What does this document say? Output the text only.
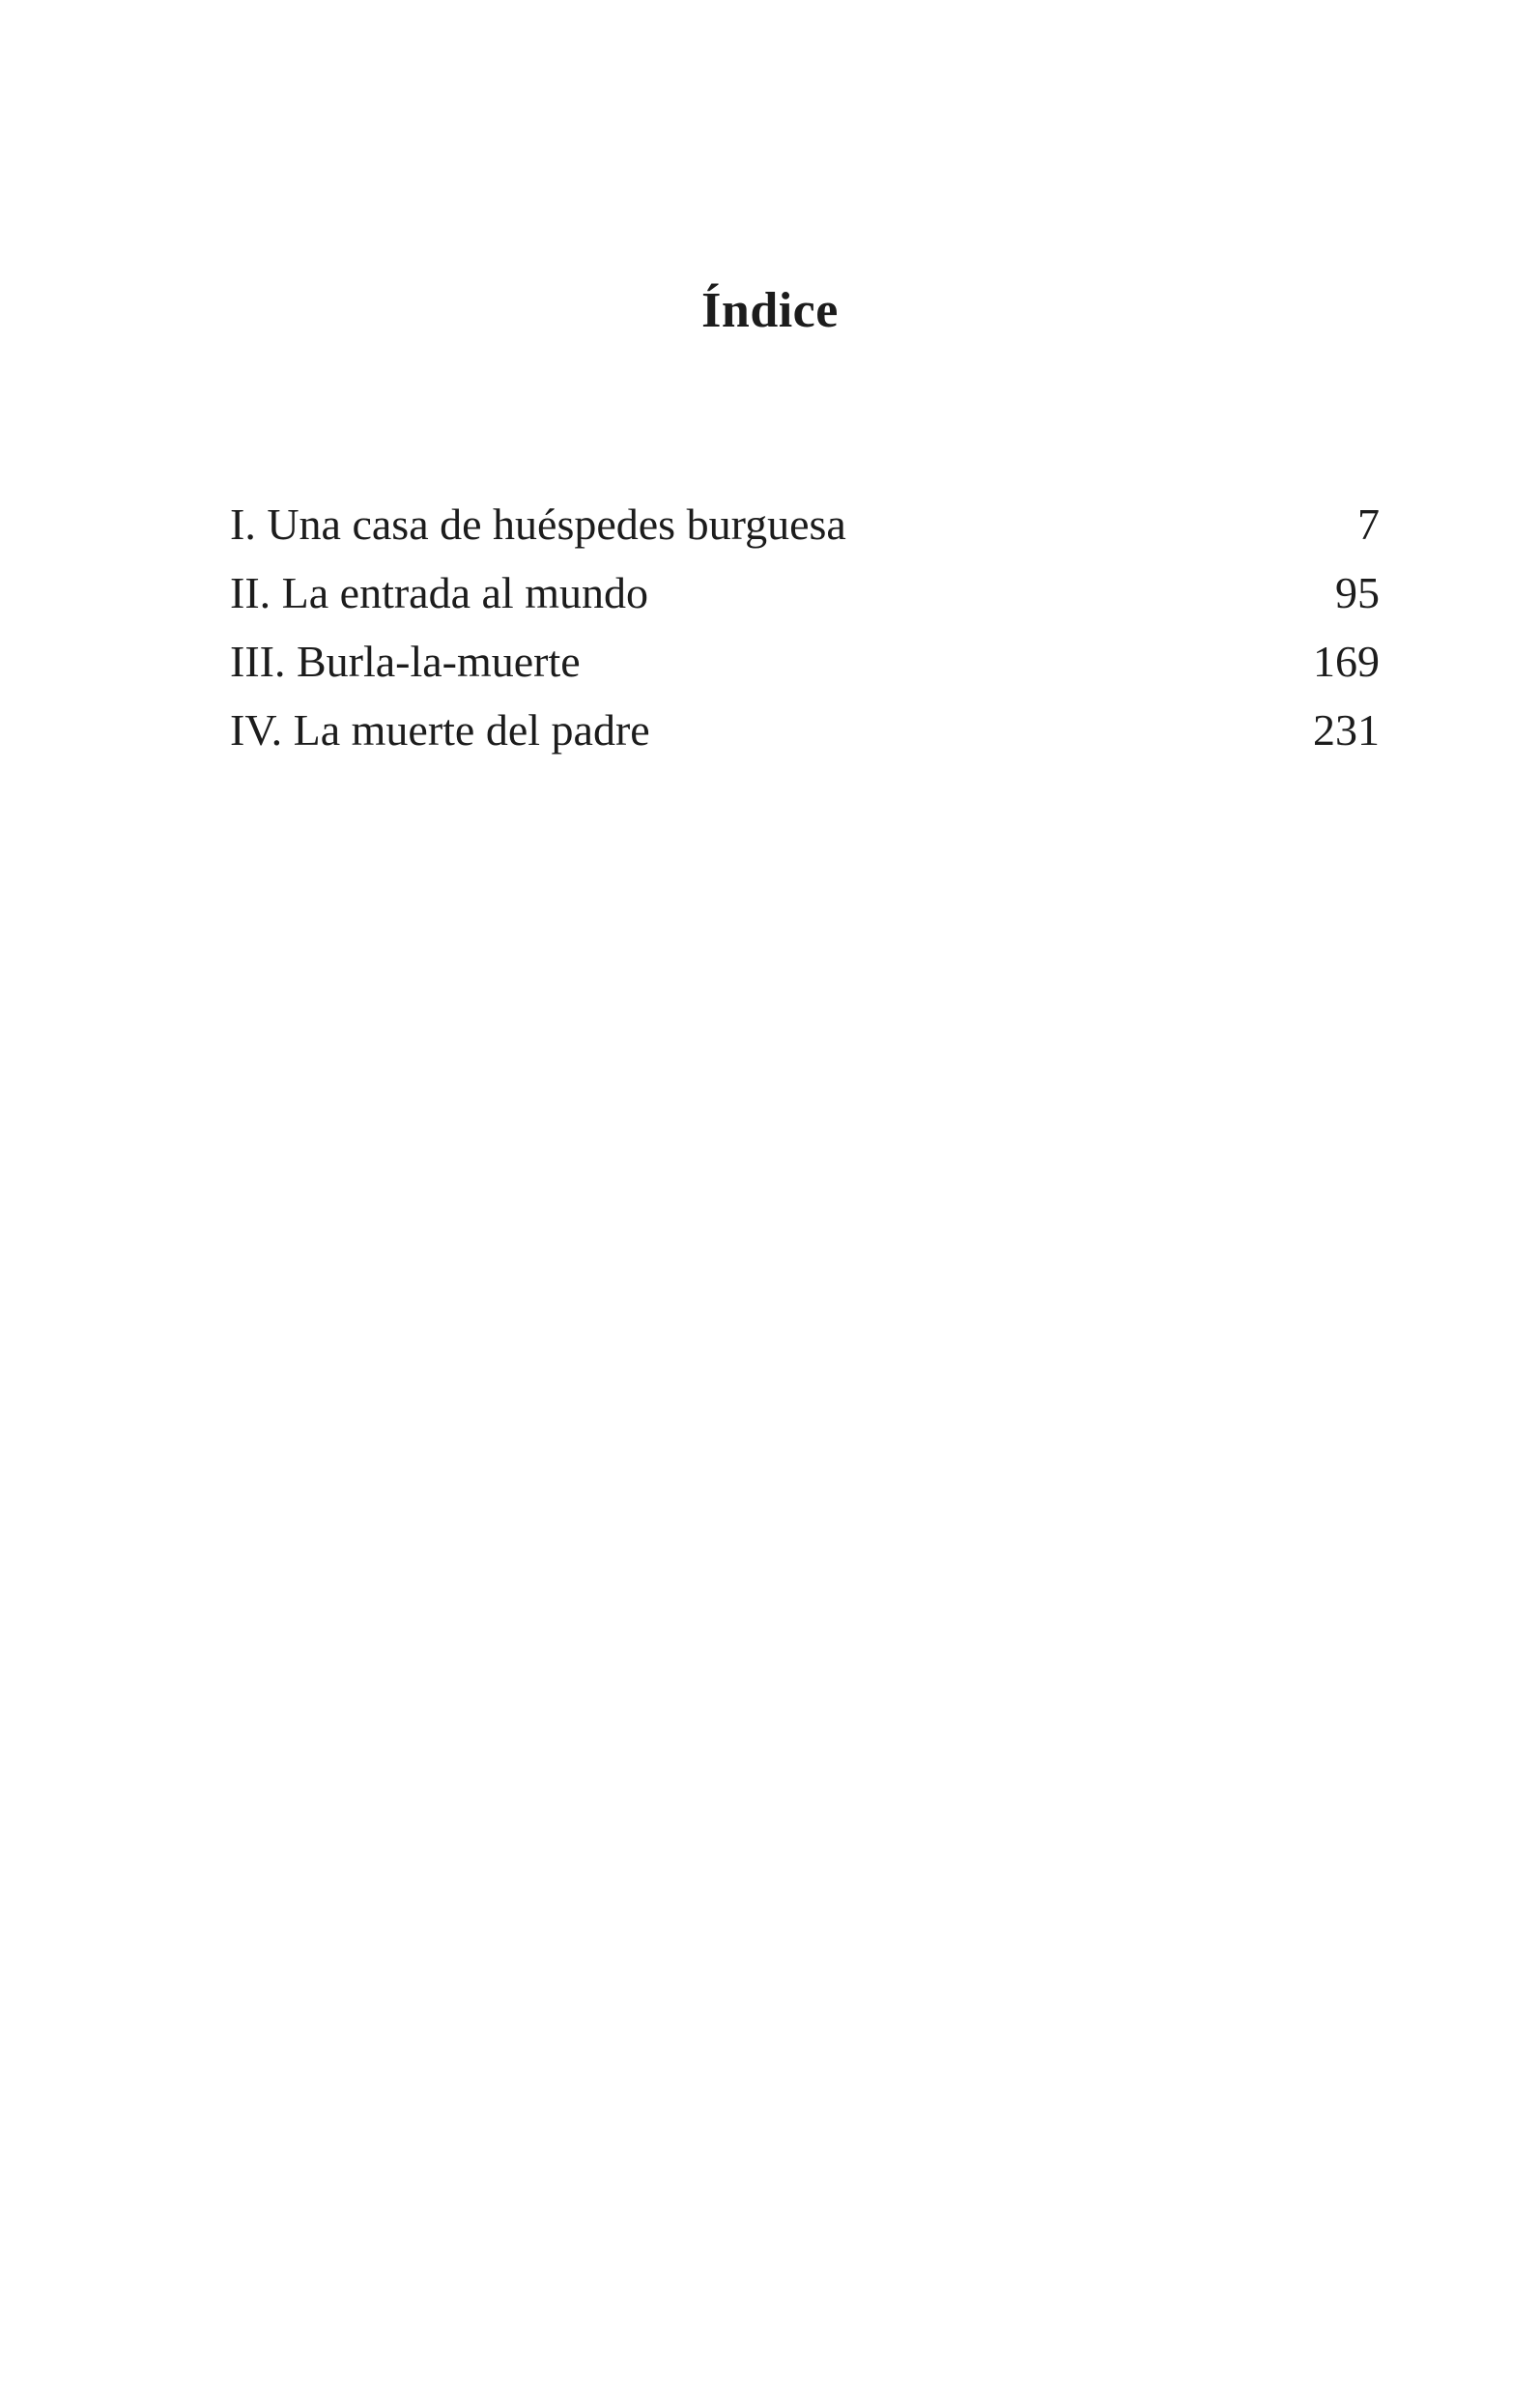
Índice
I. Una casa de huéspedes burguesa	7
II. La entrada al mundo	95
III. Burla-la-muerte	169
IV. La muerte del padre	231
